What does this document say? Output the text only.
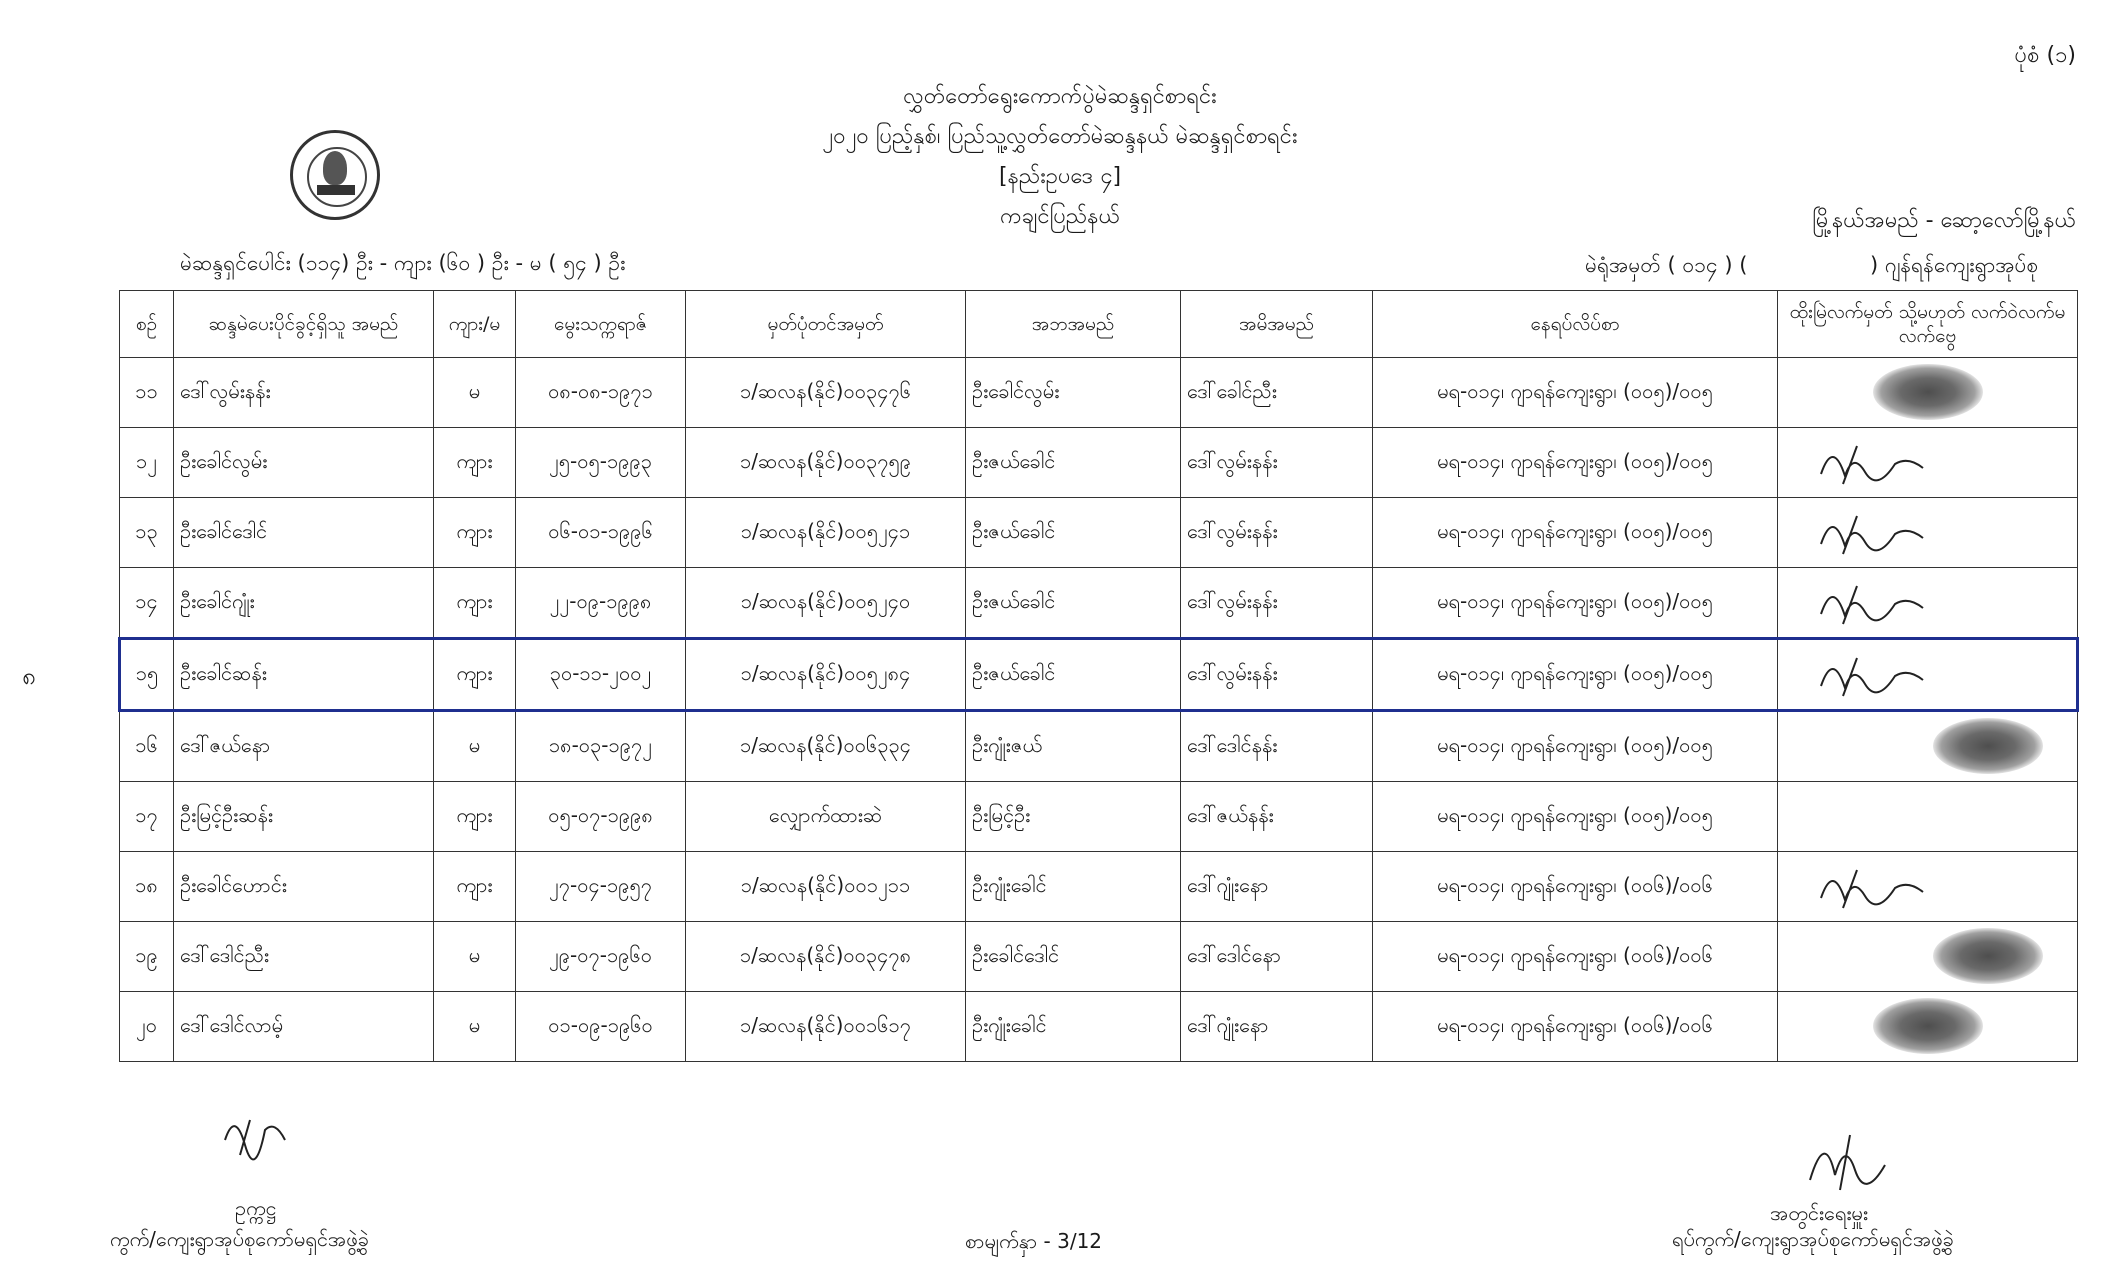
ပုံစံ (၁)
လွှတ်တော်ရွေးကောက်ပွဲမဲဆန္ဒရှင်စာရင်း
၂၀၂၀ ပြည့်နှစ်၊ ပြည်သူ့လွှတ်တော်မဲဆန္ဒနယ် မဲဆန္ဒရှင်စာရင်း
[နည်းဥပဒေ ၄]
ကချင်ပြည်နယ်	မြို့နယ်အမည် - ဆော့လော်မြို့နယ်
မဲဆန္ဒရှင်ပေါင်း (၁၁၄) ဦး - ကျား (၆၀ ) ဦး - မ ( ၅၄ ) ဦး	မဲရုံအမှတ် ( ၀၁၄ ) (	) ဂျန်ရန်ကျေးရွာအုပ်စု
၈
စဉ်	ဆန္ဒမဲပေးပိုင်ခွင့်ရှိသူ အမည်	ကျား/မ	မွေးသက္ကရာဇ်	မှတ်ပုံတင်အမှတ်	အဘအမည်	အမိအမည်	နေရပ်လိပ်စာ	ထိုးမြဲလက်မှတ် သို့မဟုတ် လက်ဝဲလက်မ လက်ဗွေ
၁၁	ဒေါ်လွမ်းနန်း	မ	၀၈-၀၈-၁၉၇၁	၁/ဆလန(နိုင်)၀၀၃၄၇၆	ဦးခေါင်လွမ်း	ဒေါ်ခေါင်ညီး	မရ-၀၁၄၊ ဂျာရန်ကျေးရွာ၊ (၀၀၅)/၀၀၅	

၁၂	ဦးခေါင်လွမ်း	ကျား	၂၅-၀၅-၁၉၉၃	၁/ဆလန(နိုင်)၀၀၃၇၅၉	ဦးဇယ်ခေါင်	ဒေါ်လွမ်းနန်း	မရ-၀၁၄၊ ဂျာရန်ကျေးရွာ၊ (၀၀၅)/၀၀၅	

၁၃	ဦးခေါင်ဒေါင်	ကျား	၀၆-၀၁-၁၉၉၆	၁/ဆလန(နိုင်)၀၀၅၂၄၁	ဦးဇယ်ခေါင်	ဒေါ်လွမ်းနန်း	မရ-၀၁၄၊ ဂျာရန်ကျေးရွာ၊ (၀၀၅)/၀၀၅	

၁၄	ဦးခေါင်ဂျုံး	ကျား	၂၂-၀၉-၁၉၉၈	၁/ဆလန(နိုင်)၀၀၅၂၄၀	ဦးဇယ်ခေါင်	ဒေါ်လွမ်းနန်း	မရ-၀၁၄၊ ဂျာရန်ကျေးရွာ၊ (၀၀၅)/၀၀၅	

၁၅	ဦးခေါင်ဆန်း	ကျား	၃၀-၁၁-၂၀၀၂	၁/ဆလန(နိုင်)၀၀၅၂၈၄	ဦးဇယ်ခေါင်	ဒေါ်လွမ်းနန်း	မရ-၀၁၄၊ ဂျာရန်ကျေးရွာ၊ (၀၀၅)/၀၀၅	

၁၆	ဒေါ်ဇယ်နော	မ	၁၈-၀၃-၁၉၇၂	၁/ဆလန(နိုင်)၀၀၆၃၃၄	ဦးဂျုံးဇယ်	ဒေါ်ဒေါင်နန်း	မရ-၀၁၄၊ ဂျာရန်ကျေးရွာ၊ (၀၀၅)/၀၀၅	

၁၇	ဦးမြင့်ဦးဆန်း	ကျား	၀၅-၀၇-၁၉၉၈	လျှောက်ထားဆဲ	ဦးမြင့်ဦး	ဒေါ်ဇယ်နန်း	မရ-၀၁၄၊ ဂျာရန်ကျေးရွာ၊ (၀၀၅)/၀၀၅	
၁၈	ဦးခေါင်ဟောင်း	ကျား	၂၇-၀၄-၁၉၅၇	၁/ဆလန(နိုင်)၀၀၁၂၁၁	ဦးဂျုံးခေါင်	ဒေါ်ဂျုံးနော	မရ-၀၁၄၊ ဂျာရန်ကျေးရွာ၊ (၀၀၆)/၀၀၆	

၁၉	ဒေါ်ဒေါင်ညီး	မ	၂၉-၀၇-၁၉၆၀	၁/ဆလန(နိုင်)၀၀၃၄၇၈	ဦးခေါင်ဒေါင်	ဒေါ်ဒေါင်နော	မရ-၀၁၄၊ ဂျာရန်ကျေးရွာ၊ (၀၀၆)/၀၀၆	

၂၀	ဒေါ်ဒေါင်လာမ့်	မ	၀၁-၀၉-၁၉၆၀	၁/ဆလန(နိုင်)၀၀၁၆၁၇	ဦးဂျုံးခေါင်	ဒေါ်ဂျုံးနော	မရ-၀၁၄၊ ဂျာရန်ကျေးရွာ၊ (၀၀၆)/၀၀၆	
ဥက္ကဋ္ဌ
ကွက်/ကျေးရွာအုပ်စုကော်မရှင်အဖွဲ့ခွဲ	စာမျက်နှာ - 3/12
အတွင်းရေးမှူး
ရပ်ကွက်/ကျေးရွာအုပ်စုကော်မရှင်အဖွဲ့ခွဲ
